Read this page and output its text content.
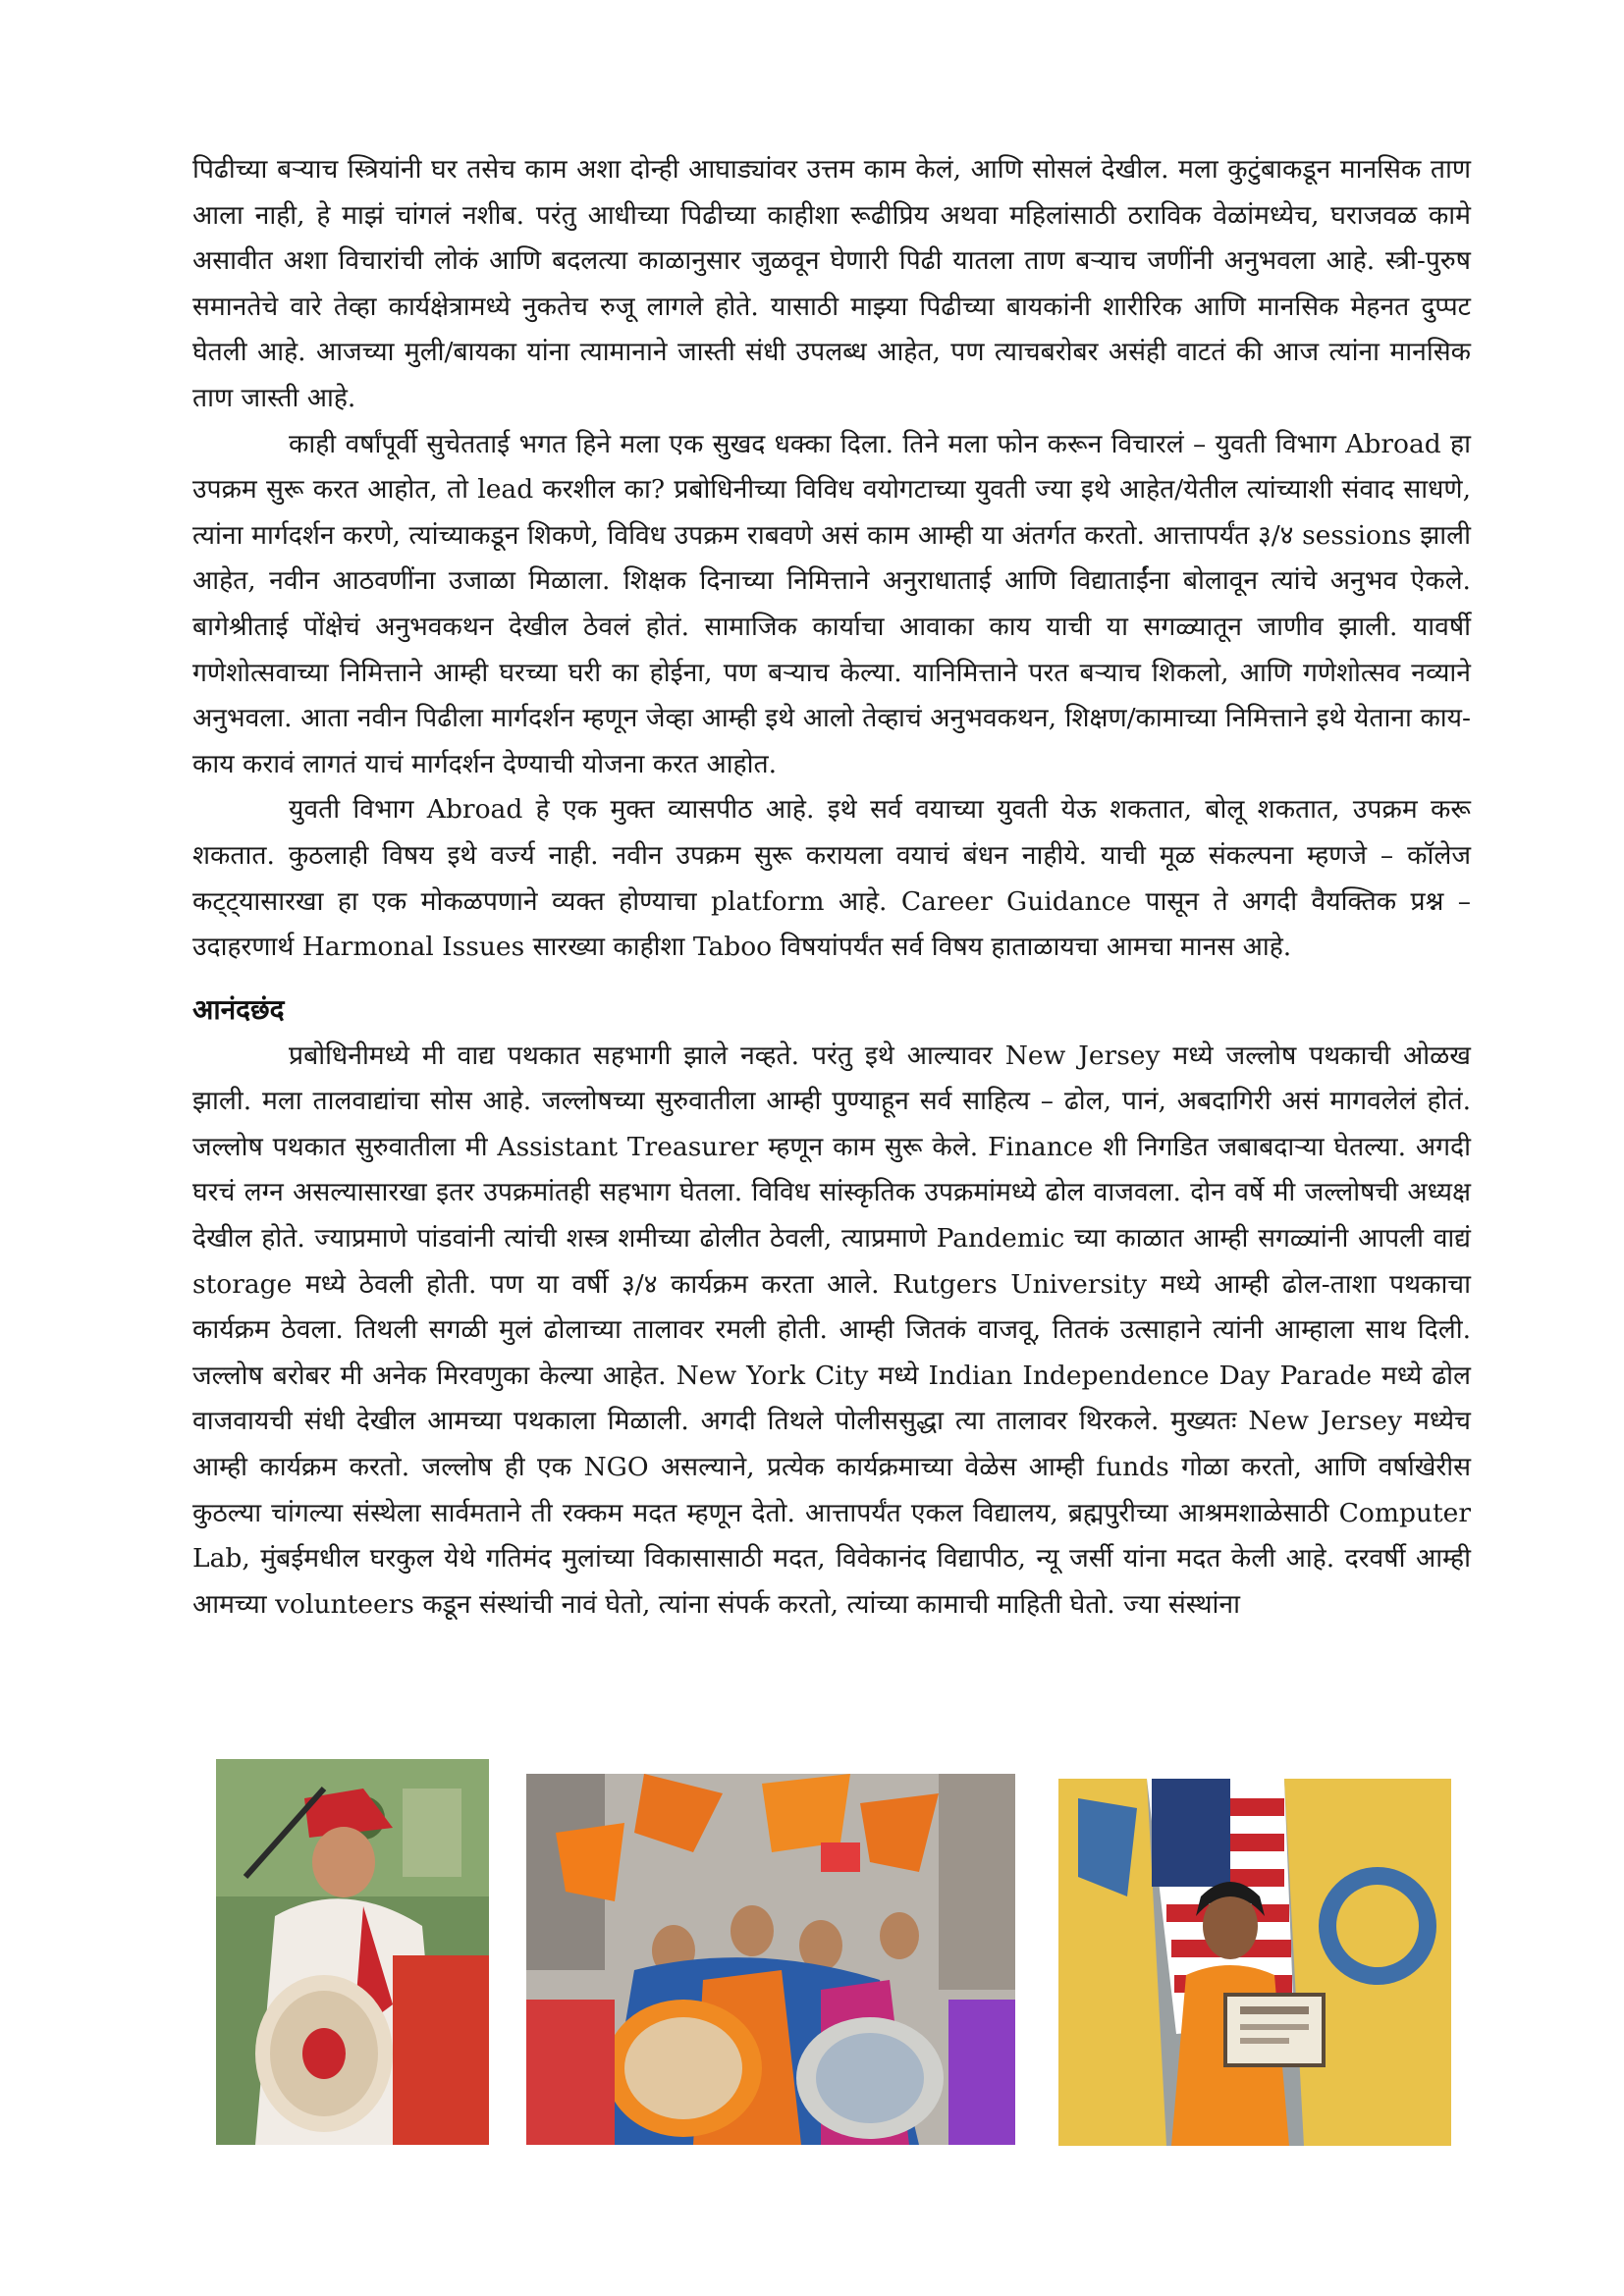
पिढीच्या बऱ्याच स्त्रियांनी घर तसेच काम अशा दोन्ही आघाड्यांवर उत्तम काम केलं, आणि सोसलं देखील. मला कुटुंबाकडून मानसिक ताण आला नाही, हे माझं चांगलं नशीब. परंतु आधीच्या पिढीच्या काहीशा रूढीप्रिय अथवा महिलांसाठी ठराविक वेळांमध्येच, घराजवळ कामे असावीत अशा विचारांची लोकं आणि बदलत्या काळानुसार जुळवून घेणारी पिढी यातला ताण बऱ्याच जणींनी अनुभवला आहे. स्त्री-पुरुष समानतेचे वारे तेव्हा कार्यक्षेत्रामध्ये नुकतेच रुजू लागले होते. यासाठी माझ्या पिढीच्या बायकांनी शारीरिक आणि मानसिक मेहनत दुप्पट घेतली आहे. आजच्या मुली/बायका यांना त्यामानाने जास्ती संधी उपलब्ध आहेत, पण त्याचबरोबर असंही वाटतं की आज त्यांना मानसिक ताण जास्ती आहे.

काही वर्षांपूर्वी सुचेतताई भगत हिने मला एक सुखद धक्का दिला. तिने मला फोन करून विचारलं – युवती विभाग Abroad हा उपक्रम सुरू करत आहोत, तो lead करशील का? प्रबोधिनीच्या विविध वयोगटाच्या युवती ज्या इथे आहेत/येतील त्यांच्याशी संवाद साधणे, त्यांना मार्गदर्शन करणे, त्यांच्याकडून शिकणे, विविध उपक्रम राबवणे असं काम आम्ही या अंतर्गत करतो. आत्तापर्यंत ३/४ sessions झाली आहेत, नवीन आठवणींना उजाळा मिळाला. शिक्षक दिनाच्या निमित्ताने अनुराधाताई आणि विद्याताईंना बोलावून त्यांचे अनुभव ऐकले. बागेश्रीताई पोंक्षेचं अनुभवकथन देखील ठेवलं होतं. सामाजिक कार्याचा आवाका काय याची या सगळ्यातून जाणीव झाली. यावर्षी गणेशोत्सवाच्या निमित्ताने आम्ही घरच्या घरी का होईना, पण बऱ्याच केल्या. यानिमित्ताने परत बऱ्याच शिकलो, आणि गणेशोत्सव नव्याने अनुभवला. आता नवीन पिढीला मार्गदर्शन म्हणून जेव्हा आम्ही इथे आलो तेव्हाचं अनुभवकथन, शिक्षण/कामाच्या निमित्ताने इथे येताना काय-काय करावं लागतं याचं मार्गदर्शन देण्याची योजना करत आहोत.

युवती विभाग Abroad हे एक मुक्त व्यासपीठ आहे. इथे सर्व वयाच्या युवती येऊ शकतात, बोलू शकतात, उपक्रम करू शकतात. कुठलाही विषय इथे वर्ज्य नाही. नवीन उपक्रम सुरू करायला वयाचं बंधन नाहीये. याची मूळ संकल्पना म्हणजे – कॉलेज कट्ट्यासारखा हा एक मोकळपणाने व्यक्त होण्याचा platform आहे. Career Guidance पासून ते अगदी वैयक्तिक प्रश्न – उदाहरणार्थ Harmonal Issues सारख्या काहीशा Taboo विषयांपर्यंत सर्व विषय हाताळायचा आमचा मानस आहे.

आनंदछंद

प्रबोधिनीमध्ये मी वाद्य पथकात सहभागी झाले नव्हते. परंतु इथे आल्यावर New Jersey मध्ये जल्लोष पथकाची ओळख झाली. मला तालवाद्यांचा सोस आहे. जल्लोषच्या सुरुवातीला आम्ही पुण्याहून सर्व साहित्य – ढोल, पानं, अबदागिरी असं मागवलेलं होतं. जल्लोष पथकात सुरुवातीला मी Assistant Treasurer म्हणून काम सुरू केले. Finance शी निगडित जबाबदाऱ्या घेतल्या. अगदी घरचं लग्न असल्यासारखा इतर उपक्रमांतही सहभाग घेतला. विविध सांस्कृतिक उपक्रमांमध्ये ढोल वाजवला. दोन वर्षे मी जल्लोषची अध्यक्ष देखील होते. ज्याप्रमाणे पांडवांनी त्यांची शस्त्र शमीच्या ढोलीत ठेवली, त्याप्रमाणे Pandemic च्या काळात आम्ही सगळ्यांनी आपली वाद्यं storage मध्ये ठेवली होती. पण या वर्षी ३/४ कार्यक्रम करता आले. Rutgers University मध्ये आम्ही ढोल-ताशा पथकाचा कार्यक्रम ठेवला. तिथली सगळी मुलं ढोलाच्या तालावर रमली होती. आम्ही जितकं वाजवू, तितकं उत्साहाने त्यांनी आम्हाला साथ दिली. जल्लोष बरोबर मी अनेक मिरवणुका केल्या आहेत. New York City मध्ये Indian Independence Day Parade मध्ये ढोल वाजवायची संधी देखील आमच्या पथकाला मिळाली. अगदी तिथले पोलीससुद्धा त्या तालावर थिरकले. मुख्यतः New Jersey मध्येच आम्ही कार्यक्रम करतो. जल्लोष ही एक NGO असल्याने, प्रत्येक कार्यक्रमाच्या वेळेस आम्ही funds गोळा करतो, आणि वर्षाखेरीस कुठल्या चांगल्या संस्थेला सार्वमताने ती रक्कम मदत म्हणून देतो. आत्तापर्यंत एकल विद्यालय, ब्रह्मपुरीच्या आश्रमशाळेसाठी Computer Lab, मुंबईमधील घरकुल येथे गतिमंद मुलांच्या विकासासाठी मदत, विवेकानंद विद्यापीठ, न्यू जर्सी यांना मदत केली आहे. दरवर्षी आम्ही आमच्या volunteers कडून संस्थांची नावं घेतो, त्यांना संपर्क करतो, त्यांच्या कामाची माहिती घेतो. ज्या संस्थांना
